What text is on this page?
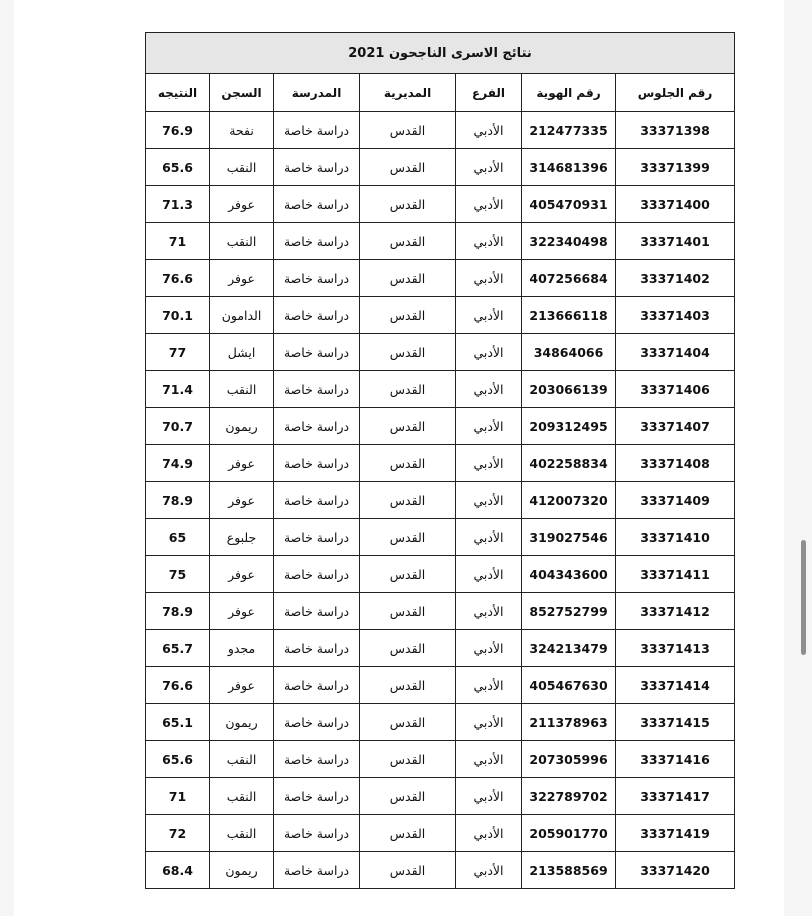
نتائج الاسرى الناجحون 2021						
رقم الجلوس	رقم الهوية	الفرع	المديرية	المدرسة	السجن	النتيجه
33371398	212477335	الأدبي	القدس	دراسة خاصة	نفحة	76.9
33371399	314681396	الأدبي	القدس	دراسة خاصة	النقب	65.6
33371400	405470931	الأدبي	القدس	دراسة خاصة	عوفر	71.3
33371401	322340498	الأدبي	القدس	دراسة خاصة	النقب	71
33371402	407256684	الأدبي	القدس	دراسة خاصة	عوفر	76.6
33371403	213666118	الأدبي	القدس	دراسة خاصة	الدامون	70.1
33371404	34864066	الأدبي	القدس	دراسة خاصة	ايشل	77
33371406	203066139	الأدبي	القدس	دراسة خاصة	النقب	71.4
33371407	209312495	الأدبي	القدس	دراسة خاصة	ريمون	70.7
33371408	402258834	الأدبي	القدس	دراسة خاصة	عوفر	74.9
33371409	412007320	الأدبي	القدس	دراسة خاصة	عوفر	78.9
33371410	319027546	الأدبي	القدس	دراسة خاصة	جلبوع	65
33371411	404343600	الأدبي	القدس	دراسة خاصة	عوفر	75
33371412	852752799	الأدبي	القدس	دراسة خاصة	عوفر	78.9
33371413	324213479	الأدبي	القدس	دراسة خاصة	مجدو	65.7
33371414	405467630	الأدبي	القدس	دراسة خاصة	عوفر	76.6
33371415	211378963	الأدبي	القدس	دراسة خاصة	ريمون	65.1
33371416	207305996	الأدبي	القدس	دراسة خاصة	النقب	65.6
33371417	322789702	الأدبي	القدس	دراسة خاصة	النقب	71
33371419	205901770	الأدبي	القدس	دراسة خاصة	النقب	72
33371420	213588569	الأدبي	القدس	دراسة خاصة	ريمون	68.4
